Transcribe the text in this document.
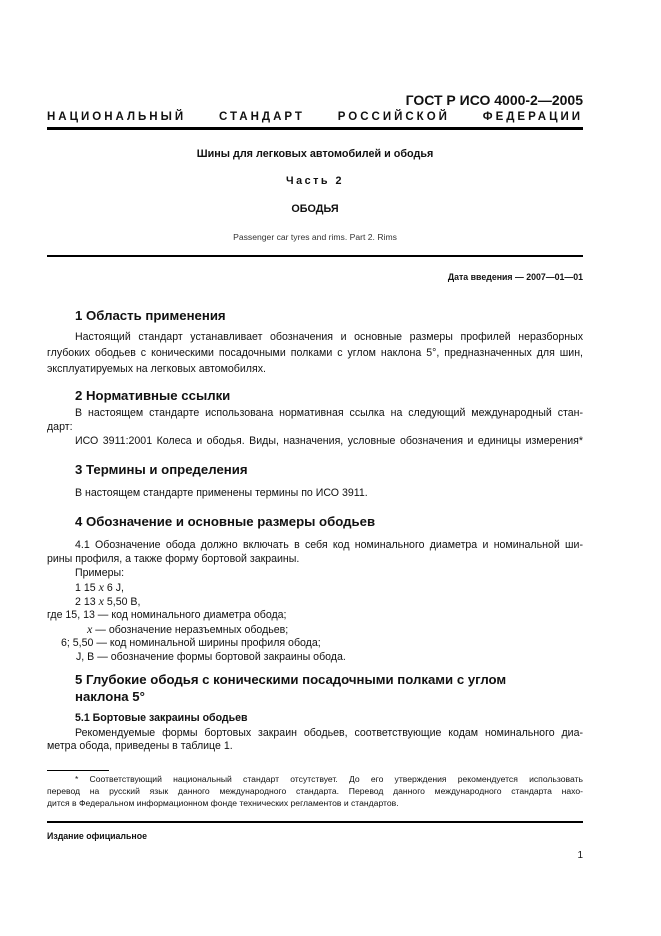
ГОСТ Р ИСО 4000-2—2005
НАЦИОНАЛЬНЫЙ СТАНДАРТ РОССИЙСКОЙ ФЕДЕРАЦИИ
Шины для легковых автомобилей и ободья
Часть 2
ОБОДЬЯ
Passenger car tyres and rims. Part 2. Rims
Дата введения — 2007—01—01
1 Область применения
Настоящий стандарт устанавливает обозначения и основные размеры профилей неразборных
глубоких ободьев с коническими посадочными полками с углом наклона 5°, предназначенных для шин,
эксплуатируемых на легковых автомобилях.
2 Нормативные ссылки
В настоящем стандарте использована нормативная ссылка на следующий международный стан-
дарт:
ИСО 3911:2001 Колеса и ободья. Виды, назначения, условные обозначения и единицы измерения*
3 Термины и определения
В настоящем стандарте применены термины по ИСО 3911.
4 Обозначение и основные размеры ободьев
4.1 Обозначение обода должно включать в себя код номинального диаметра и номинальной ши-
рины профиля, а также форму бортовой закраины.
Примеры:
1 15 x 6 J,
2 13 x 5,50 B,
где 15, 13 — код номинального диаметра обода;
x — обозначение неразъемных ободьев;
6; 5,50 — код номинальной ширины профиля обода;
J, B — обозначение формы бортовой закраины обода.
5 Глубокие ободья с коническими посадочными полками с углом
наклона 5°
5.1 Бортовые закраины ободьев
Рекомендуемые формы бортовых закраин ободьев, соответствующие кодам номинального диа-
метра обода, приведены в таблице 1.
* Соответствующий национальный стандарт отсутствует. До его утверждения рекомендуется использовать
перевод на русский язык данного международного стандарта. Перевод данного международного стандарта нахо-
дится в Федеральном информационном фонде технических регламентов и стандартов.
Издание официальное
1
